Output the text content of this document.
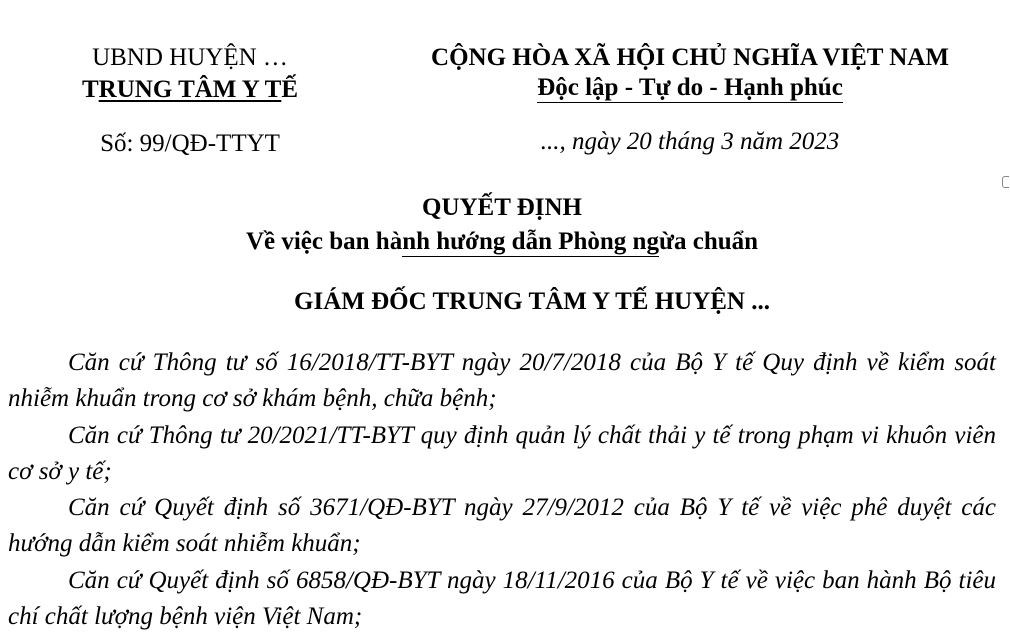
UBND HUYỆN …
TRUNG TÂM Y TẾ
Số: 99/QĐ-TTYT
CỘNG HÒA XÃ HỘI CHỦ NGHĨA VIỆT NAM
Độc lập - Tự do - Hạnh phúc
..., ngày 20 tháng 3 năm 2023
QUYẾT ĐỊNH
Về việc ban hành hướng dẫn Phòng ngừa chuẩn
GIÁM ĐỐC TRUNG TÂM Y TẾ HUYỆN ...

Căn cứ Thông tư số 16/2018/TT-BYT ngày 20/7/2018 của Bộ Y tế Quy định về kiểm soát nhiễm khuẩn trong cơ sở khám bệnh, chữa bệnh;

Căn cứ Thông tư 20/2021/TT-BYT quy định quản lý chất thải y tế trong phạm vi khuôn viên cơ sở y tế;

Căn cứ Quyết định số 3671/QĐ-BYT ngày 27/9/2012 của Bộ Y tế về việc phê duyệt các hướng dẫn kiểm soát nhiễm khuẩn;

Căn cứ Quyết định số 6858/QĐ-BYT ngày 18/11/2016 của Bộ Y tế về việc ban hành Bộ tiêu chí chất lượng bệnh viện Việt Nam;
